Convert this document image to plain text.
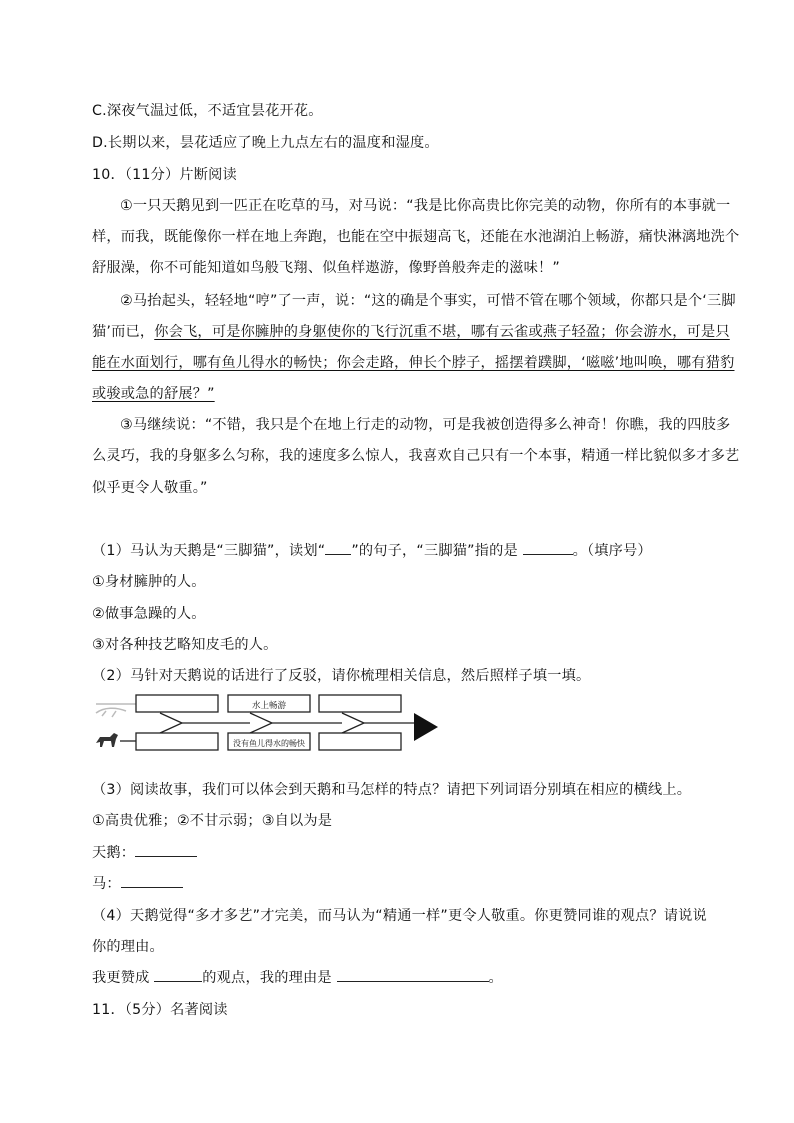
C.深夜气温过低，不适宜昙花开花。
D.长期以来，昙花适应了晚上九点左右的温度和湿度。
10．（11分）片断阅读
①一只天鹅见到一匹正在吃草的马，对马说：“我是比你高贵比你完美的动物，你所有的本事就一
样，而我，既能像你一样在地上奔跑，也能在空中振翅高飞，还能在水池湖泊上畅游，痛快淋漓地洗个
舒服澡，你不可能知道如鸟般飞翔、似鱼样遨游，像野兽般奔走的滋味！”
②马抬起头，轻轻地“哼”了一声，说：“这的确是个事实，可惜不管在哪个领域，你都只是个‘三脚
猫’而已，你会飞，可是你臃肿的身躯使你的飞行沉重不堪，哪有云雀或燕子轻盈；你会游水，可是只
能在水面划行，哪有鱼儿得水的畅快；你会走路，伸长个脖子，摇摆着蹼脚，‘嗞嗞’地叫唤，哪有猎豹
或骏或急的舒展？”
③马继续说：“不错，我只是个在地上行走的动物，可是我被创造得多么神奇！你瞧，我的四肢多
么灵巧，我的身躯多么匀称，我的速度多么惊人，我喜欢自己只有一个本事，精通一样比貌似多才多艺
似乎更令人敬重。”
（1）马认为天鹅是“三脚猫”，读划“ ”的句子，“三脚猫”指的是	。（填序号）
①身材臃肿的人。
②做事急躁的人。
③对各种技艺略知皮毛的人。
（2）马针对天鹅说的话进行了反驳，请你梳理相关信息，然后照样子填一填。
水上畅游
没有鱼儿得水的畅快
（3）阅读故事，我们可以体会到天鹅和马怎样的特点？请把下列词语分别填在相应的横线上。
①高贵优雅；②不甘示弱；③自以为是
天鹅：
马：
（4）天鹅觉得“多才多艺”才完美，而马认为“精通一样”更令人敬重。你更赞同谁的观点？请说说
你的理由。
我更赞成	的观点，我的理由是	。
11．（5分）名著阅读
